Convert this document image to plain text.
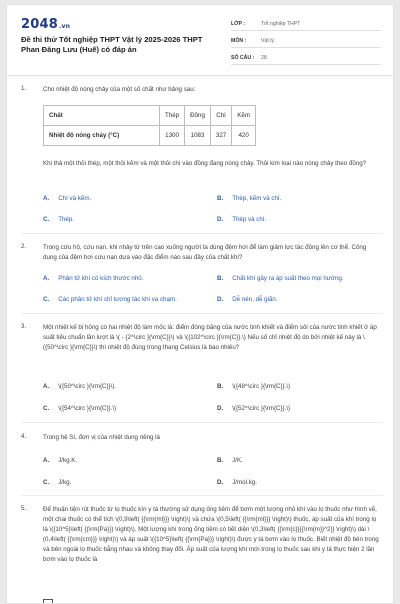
2048.vn
Đề thi thử Tốt nghiệp THPT Vật lý 2025-2026 THPT Phan Đăng Lưu (Huế) có đáp án
LỚP :	Tốt nghiệp THPT
MÔN :	Vật lý
SỐ CÂU :	28
1.	Cho nhiệt độ nóng chảy của một số chất như bảng sau:
Chất	Thép	Đồng	Chì	Kẽm
Nhiệt độ nóng chảy (°C)	1300	1083	327	420
Khi thả một thỏi thép, một thỏi kẽm và một thỏi chì vào đồng đang nóng chảy. Thỏi kim loại nào nóng chảy theo đồng?
A. Chì và kẽm.	B. Thép, kẽm và chì.
C. Thép.	D. Thép và chì.
2.	Trong cứu hộ, cứu nạn, khi nhảy từ trên cao xuống người ta dùng đệm hơi để làm giảm lực tác động lên cơ thể. Công dụng của đệm hơi cứu nạn dựa vào đặc điểm nào sau đây của chất khí?
A. Phân tử khí có kích thước nhỏ.	B. Chất khí gây ra áp suất theo mọi hướng.
C. Các phân tử khí chỉ tương tác khi va chạm.	D. Dễ nén, dễ giãn.
3.	Một nhiệt kế bị hỏng có hai nhiệt độ làm mốc là: điểm đóng băng của nước tinh khiết và điểm sôi của nước tinh khiết ở áp suất tiêu chuẩn lần lượt là \( - {2^\circ }{\rm{C}}\) và \({102^\circ }{\rm{C}}.\) Nếu số chỉ nhiệt độ do bởi nhiệt kế này là \({50^\circ }{\rm{C}}\) thì nhiệt độ đúng trong thang Celsius là bao nhiêu?
A. \({50^\circ }{\rm{C}}\).	B. \({48^\circ }{\rm{C}}.\)
C. \({54^\circ }{\rm{C}}.\)	D. \({52^\circ }{\rm{C}}.\)
4.	Trong hệ SI, đơn vị của nhiệt dung riêng là
A. J/kg.K.	B. J/K.
C. J/kg.	D. J/mol.kg.
5.	Để thuận tiện rút thuốc từ lọ thuốc kín y tá thường sử dụng ống tiêm để bơm một lượng nhỏ khí vào lọ thuốc như hình vẽ, một chai thuốc có thể tích \(0,9\left( {{\rm{ml}}} \right)\) và chứa \(0,5\left( {{\rm{ml}}} \right)\) thuốc, áp suất của khí trong lọ là \({10^5}\left( {{\rm{Pa}}} \right)\). Một lượng khí trong ống tiêm có tiết diện \(0,3\left( {{\rm{c}}{{\rm{m}}^2}} \right)\) dài \(0,4\left( {{\rm{cm}}} \right)\) và áp suất \({10^5}\left( {{\rm{Pa}}} \right)\) được y tá bơm vào lọ thuốc. Biết nhiệt độ bên trong và bên ngoài lọ thuốc bằng nhau và không thay đổi. Áp suất của lượng khí mới trong lọ thuốc sau khi y tá thực hiện 2 lần bơm vào lọ thuốc là
